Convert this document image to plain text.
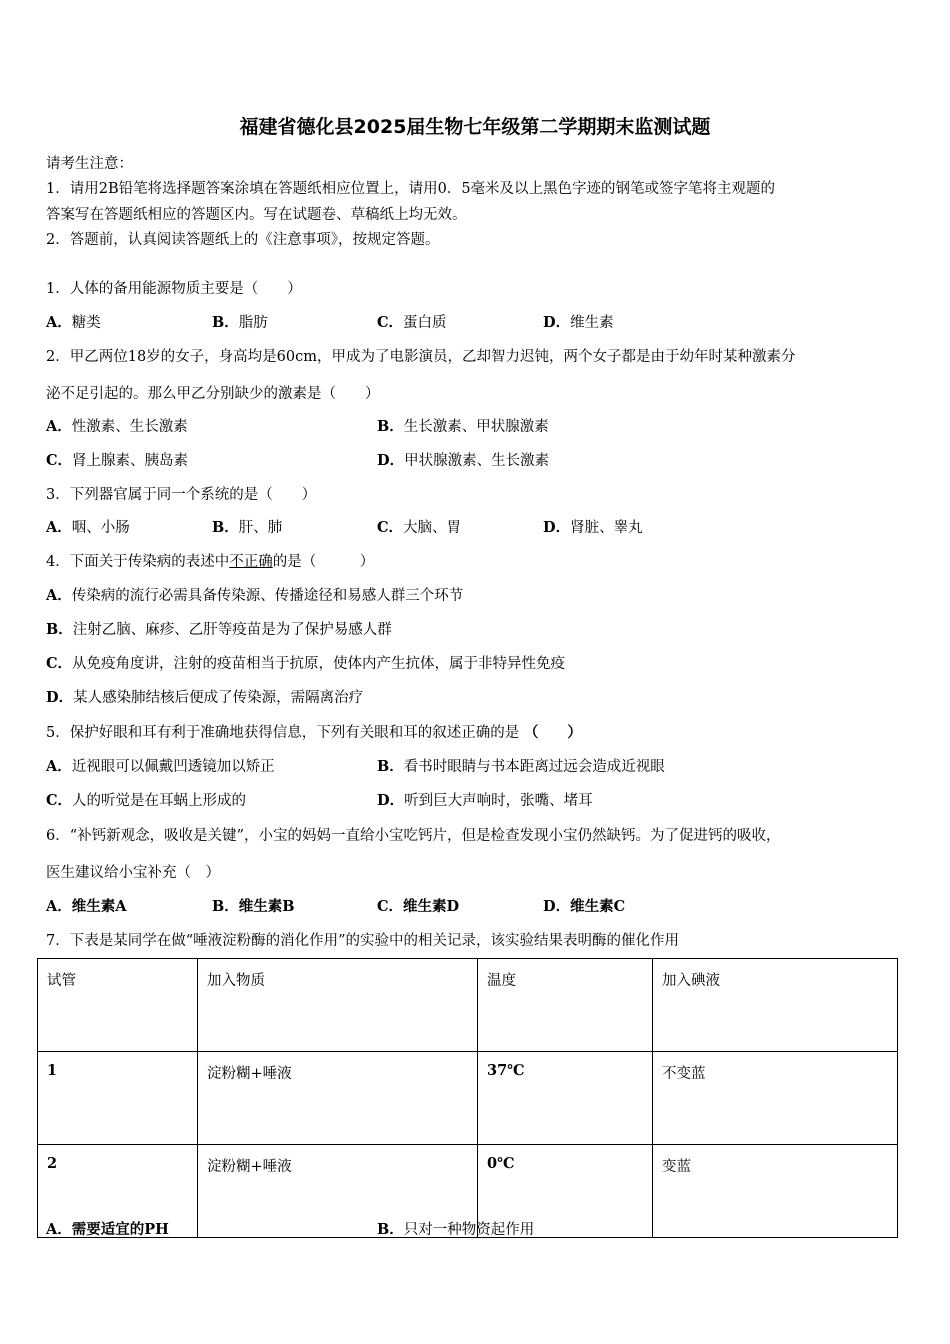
福建省德化县2025届生物七年级第二学期期末监测试题
请考生注意：
1．请用2B铅笔将选择题答案涂填在答题纸相应位置上，请用0．5毫米及以上黑色字迹的钢笔或签字笔将主观题的
答案写在答题纸相应的答题区内。写在试题卷、草稿纸上均无效。
2．答题前，认真阅读答题纸上的《注意事项》，按规定答题。
1．人体的备用能源物质主要是（　　）
A．糖类	B．脂肪	C．蛋白质	D．维生素
2．甲乙两位18岁的女子，身高均是60cm，甲成为了电影演员，乙却智力迟钝，两个女子都是由于幼年时某种激素分
泌不足引起的。那么甲乙分别缺少的激素是（　　）
A．性激素、生长激素	B．生长激素、甲状腺激素
C．肾上腺素、胰岛素	D．甲状腺激素、生长激素
3．下列器官属于同一个系统的是（　　）
A．咽、小肠	B．肝、肺	C．大脑、胃	D．肾脏、睾丸
4．下面关于传染病的表述中不正确的是（　　　）
A．传染病的流行必需具备传染源、传播途径和易感人群三个环节
B．注射乙脑、麻疹、乙肝等疫苗是为了保护易感人群
C．从免疫角度讲，注射的疫苗相当于抗原，使体内产生抗体，属于非特异性免疫
D．某人感染肺结核后便成了传染源，需隔离治疗
5．保护好眼和耳有利于准确地获得信息，下列有关眼和耳的叙述正确的是 （　　）
A．近视眼可以佩戴凹透镜加以矫正	B．看书时眼睛与书本距离过远会造成近视眼
C．人的听觉是在耳蜗上形成的	D．听到巨大声响时，张嘴、堵耳
6．“补钙新观念，吸收是关键”，小宝的妈妈一直给小宝吃钙片，但是检查发现小宝仍然缺钙。为了促进钙的吸收，
医生建议给小宝补充（　）
A．维生素A	B．维生素B	C．维生素D	D．维生素C
7．下表是某同学在做“唾液淀粉酶的消化作用”的实验中的相关记录，该实验结果表明酶的催化作用
试管	加入物质	温度	加入碘液
1	淀粉糊+唾液	37℃	不变蓝
2	淀粉糊+唾液	0℃	变蓝
A．需要适宜的PH	B．只对一种物资起作用
